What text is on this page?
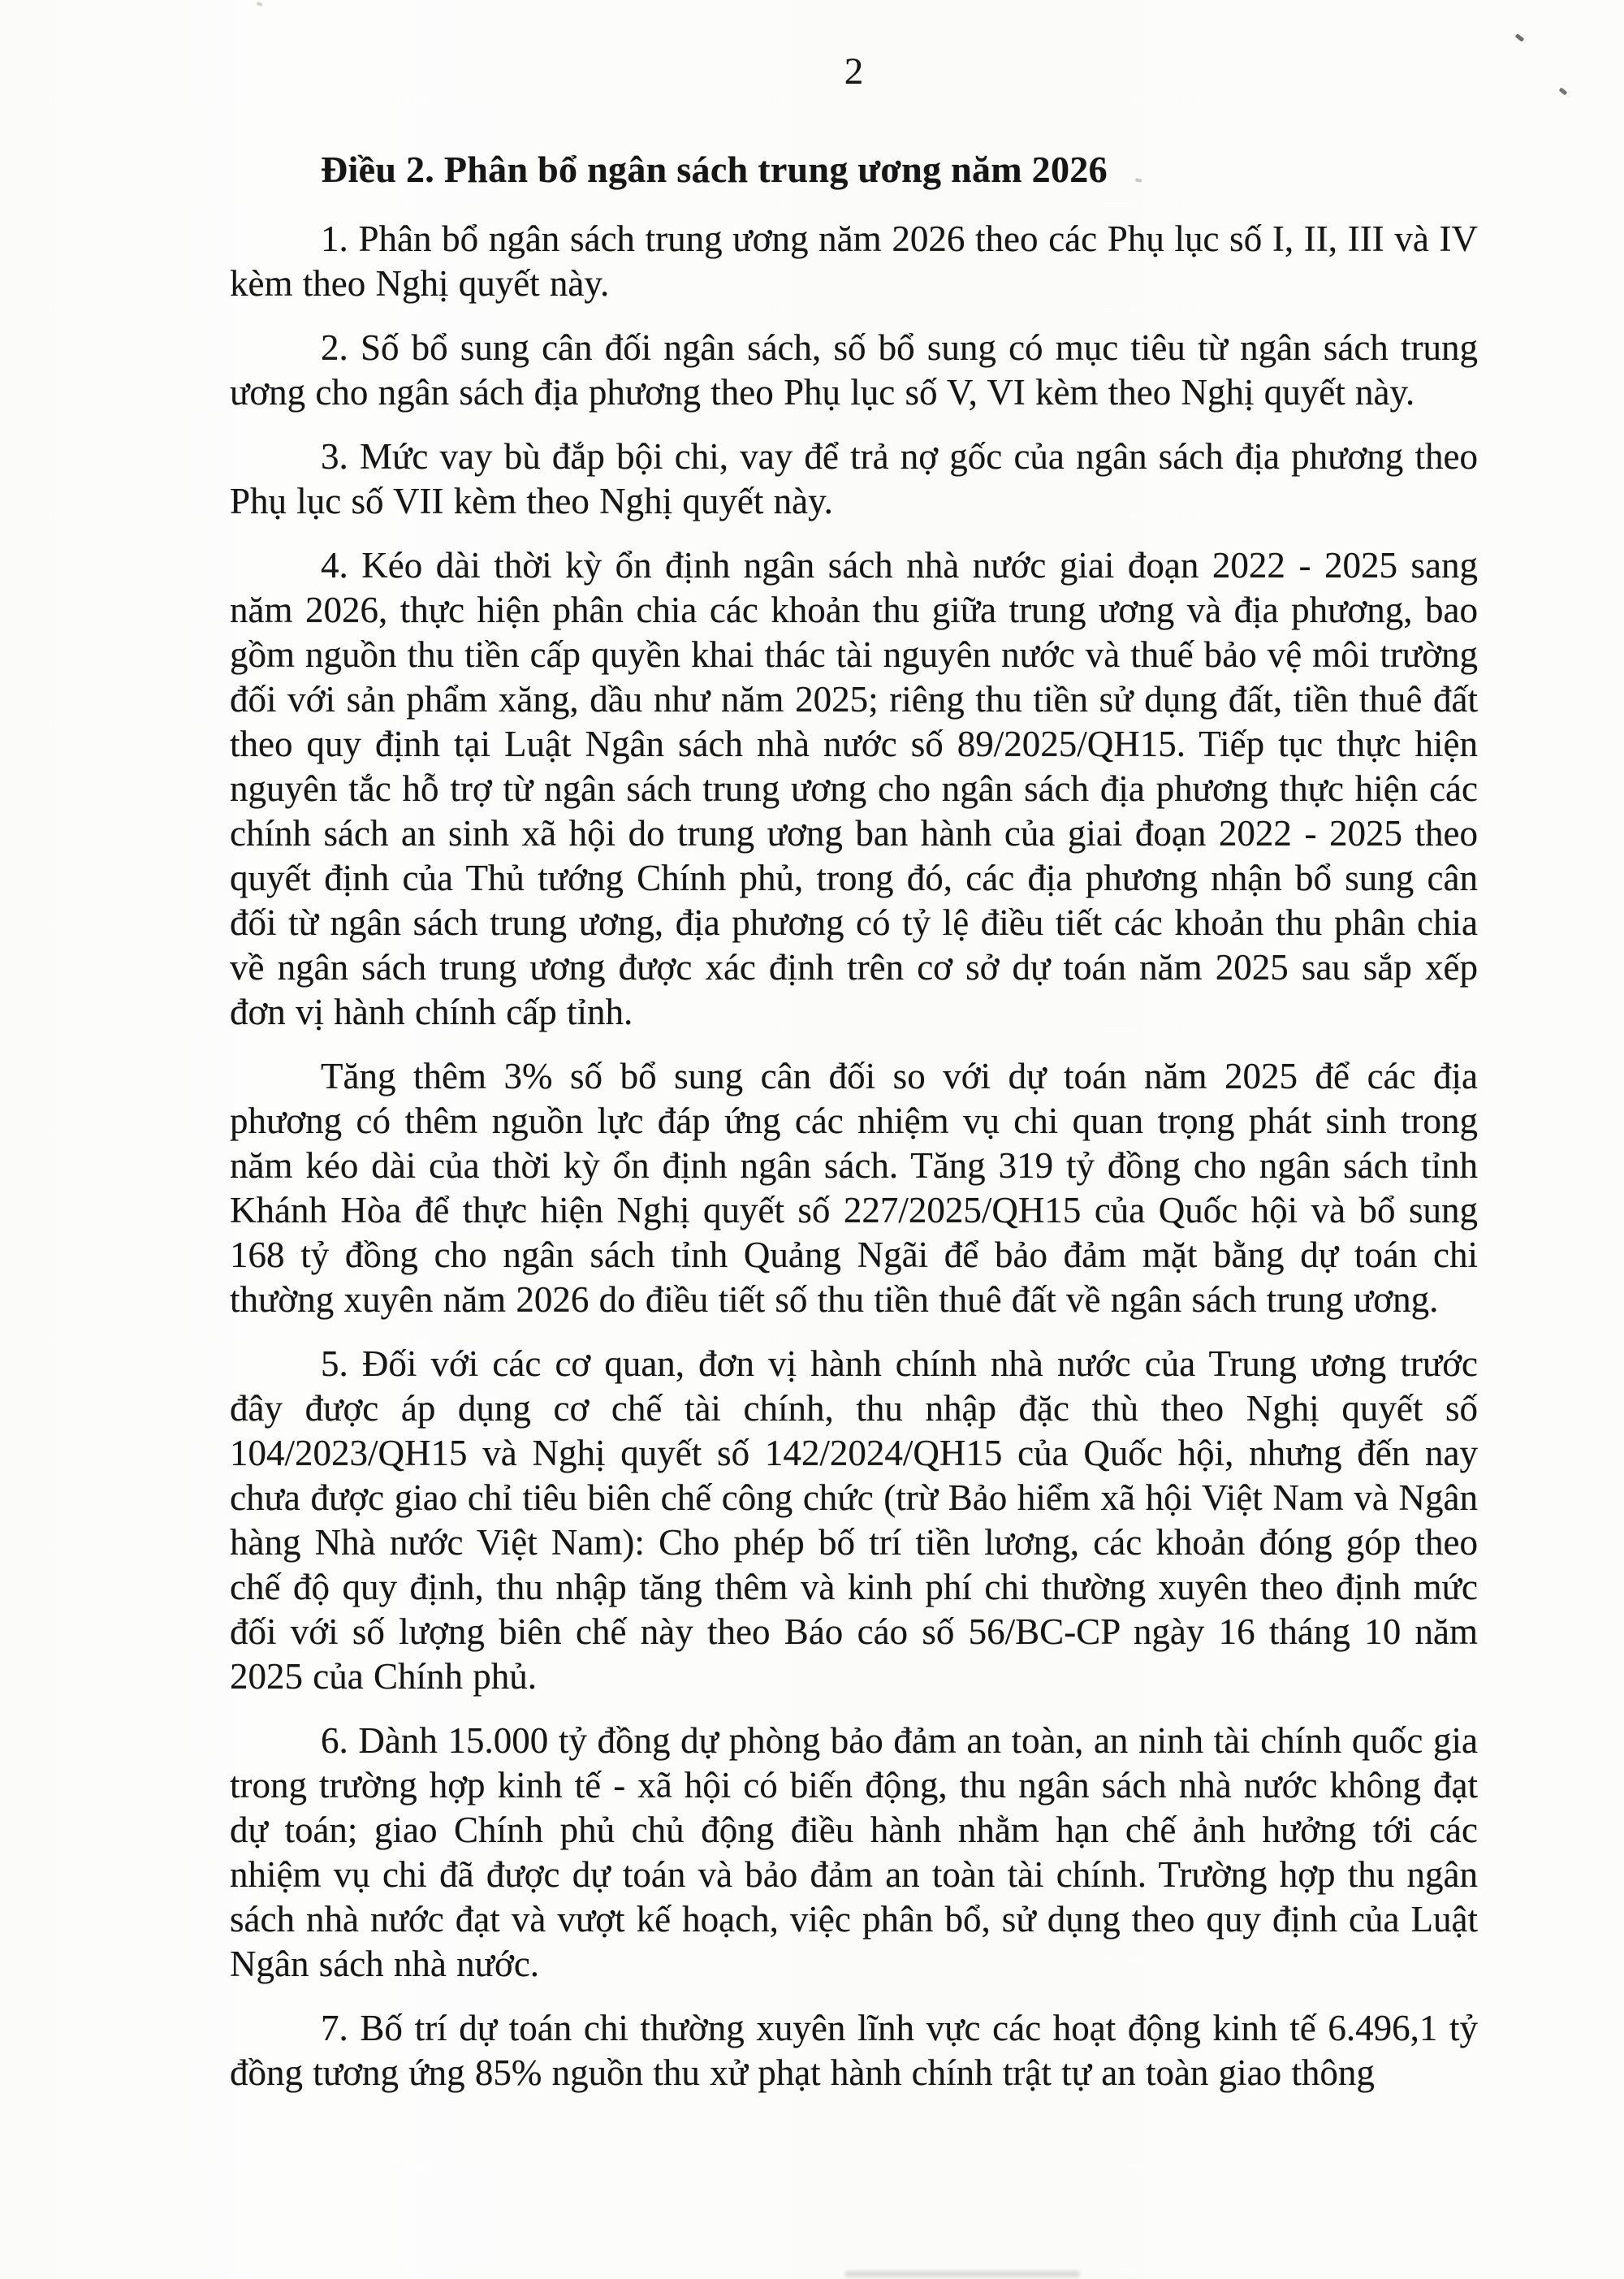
2
Điều 2. Phân bổ ngân sách trung ương năm 2026

1. Phân bổ ngân sách trung ương năm 2026 theo các Phụ lục số I, II, III và IV kèm theo Nghị quyết này.

2. Số bổ sung cân đối ngân sách, số bổ sung có mục tiêu từ ngân sách trung ương cho ngân sách địa phương theo Phụ lục số V, VI kèm theo Nghị quyết này.

3. Mức vay bù đắp bội chi, vay để trả nợ gốc của ngân sách địa phương theo Phụ lục số VII kèm theo Nghị quyết này.

4. Kéo dài thời kỳ ổn định ngân sách nhà nước giai đoạn 2022 - 2025 sang năm 2026, thực hiện phân chia các khoản thu giữa trung ương và địa phương, bao gồm nguồn thu tiền cấp quyền khai thác tài nguyên nước và thuế bảo vệ môi trường đối với sản phẩm xăng, dầu như năm 2025; riêng thu tiền sử dụng đất, tiền thuê đất theo quy định tại Luật Ngân sách nhà nước số 89/2025/QH15. Tiếp tục thực hiện nguyên tắc hỗ trợ từ ngân sách trung ương cho ngân sách địa phương thực hiện các chính sách an sinh xã hội do trung ương ban hành của giai đoạn 2022 - 2025 theo quyết định của Thủ tướng Chính phủ, trong đó, các địa phương nhận bổ sung cân đối từ ngân sách trung ương, địa phương có tỷ lệ điều tiết các khoản thu phân chia về ngân sách trung ương được xác định trên cơ sở dự toán năm 2025 sau sắp xếp đơn vị hành chính cấp tỉnh.

Tăng thêm 3% số bổ sung cân đối so với dự toán năm 2025 để các địa phương có thêm nguồn lực đáp ứng các nhiệm vụ chi quan trọng phát sinh trong năm kéo dài của thời kỳ ổn định ngân sách. Tăng 319 tỷ đồng cho ngân sách tỉnh Khánh Hòa để thực hiện Nghị quyết số 227/2025/QH15 của Quốc hội và bổ sung 168 tỷ đồng cho ngân sách tỉnh Quảng Ngãi để bảo đảm mặt bằng dự toán chi thường xuyên năm 2026 do điều tiết số thu tiền thuê đất về ngân sách trung ương.

5. Đối với các cơ quan, đơn vị hành chính nhà nước của Trung ương trước đây được áp dụng cơ chế tài chính, thu nhập đặc thù theo Nghị quyết số 104/2023/QH15 và Nghị quyết số 142/2024/QH15 của Quốc hội, nhưng đến nay chưa được giao chỉ tiêu biên chế công chức (trừ Bảo hiểm xã hội Việt Nam và Ngân hàng Nhà nước Việt Nam): Cho phép bố trí tiền lương, các khoản đóng góp theo chế độ quy định, thu nhập tăng thêm và kinh phí chi thường xuyên theo định mức đối với số lượng biên chế này theo Báo cáo số 56/BC-CP ngày 16 tháng 10 năm 2025 của Chính phủ.

6. Dành 15.000 tỷ đồng dự phòng bảo đảm an toàn, an ninh tài chính quốc gia trong trường hợp kinh tế - xã hội có biến động, thu ngân sách nhà nước không đạt dự toán; giao Chính phủ chủ động điều hành nhằm hạn chế ảnh hưởng tới các nhiệm vụ chi đã được dự toán và bảo đảm an toàn tài chính. Trường hợp thu ngân sách nhà nước đạt và vượt kế hoạch, việc phân bổ, sử dụng theo quy định của Luật Ngân sách nhà nước.

7. Bố trí dự toán chi thường xuyên lĩnh vực các hoạt động kinh tế 6.496,1 tỷ đồng tương ứng 85% nguồn thu xử phạt hành chính trật tự an toàn giao thông
